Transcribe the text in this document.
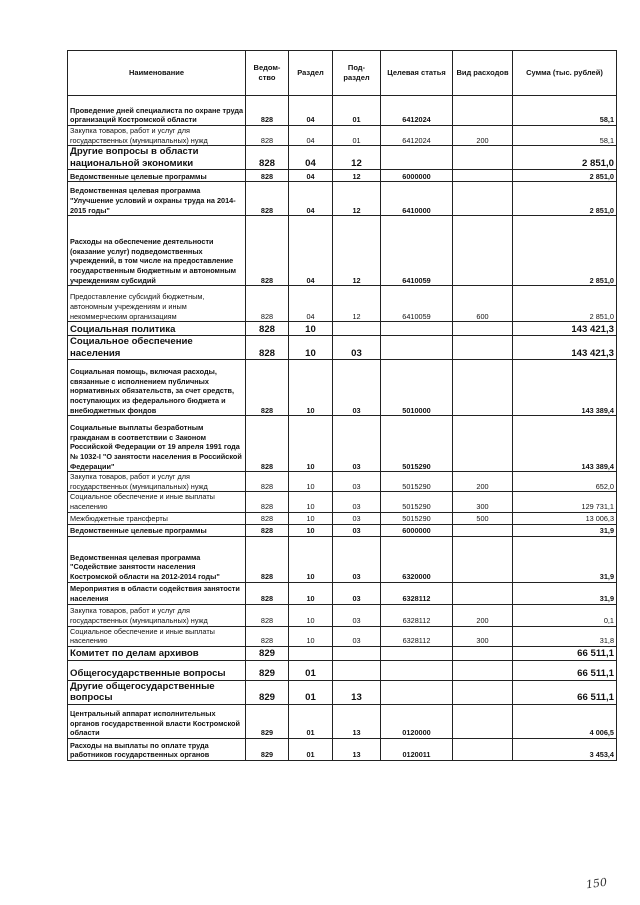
Наименование	Ведом-ство	Раздел	Под-раздел	Целевая статья	Вид расходов	Сумма (тыс. рублей)
Проведение дней специалиста по охране труда организаций Костромской области	828	04	01	6412024		58,1
Закупка товаров, работ и услуг для государственных (муниципальных) нужд	828	04	01	6412024	200	58,1
Другие вопросы в области национальной экономики	828	04	12			2 851,0
Ведомственные целевые программы	828	04	12	6000000		2 851,0
Ведомственная целевая программа "Улучшение условий и охраны труда на 2014-2015 годы"	828	04	12	6410000		2 851,0
Расходы на обеспечение деятельности (оказание услуг) подведомственных учреждений, в том числе на предоставление государственным бюджетным и автономным учреждениям субсидий	828	04	12	6410059		2 851,0
Предоставление субсидий бюджетным, автономным учреждениям и иным некоммерческим организациям	828	04	12	6410059	600	2 851,0
Социальная политика	828	10				143 421,3
Социальное обеспечение населения	828	10	03			143 421,3
Социальная помощь, включая расходы, связанные с исполнением публичных нормативных обязательств, за счет средств, поступающих из федерального бюджета и внебюджетных фондов	828	10	03	5010000		143 389,4
Социальные выплаты безработным гражданам в соответствии с Законом Российской Федерации от 19 апреля 1991 года № 1032-I "О занятости населения в Российской Федерации"	828	10	03	5015290		143 389,4
Закупка товаров, работ и услуг для государственных (муниципальных) нужд	828	10	03	5015290	200	652,0
Социальное обеспечение и иные выплаты населению	828	10	03	5015290	300	129 731,1
Межбюджетные трансферты	828	10	03	5015290	500	13 006,3
Ведомственные целевые программы	828	10	03	6000000		31,9
Ведомственная целевая программа "Содействие занятости населения Костромской области на 2012-2014 годы"	828	10	03	6320000		31,9
Мероприятия в области содействия занятости населения	828	10	03	6328112		31,9
Закупка товаров, работ и услуг для государственных (муниципальных) нужд	828	10	03	6328112	200	0,1
Социальное обеспечение и иные выплаты населению	828	10	03	6328112	300	31,8
Комитет по делам архивов	829					66 511,1
Общегосударственные вопросы	829	01				66 511,1
Другие общегосударственные вопросы	829	01	13			66 511,1
Центральный аппарат исполнительных органов государственной власти Костромской области	829	01	13	0120000		4 006,5
Расходы на выплаты по оплате труда работников государственных органов	829	01	13	0120011		3 453,4
150
